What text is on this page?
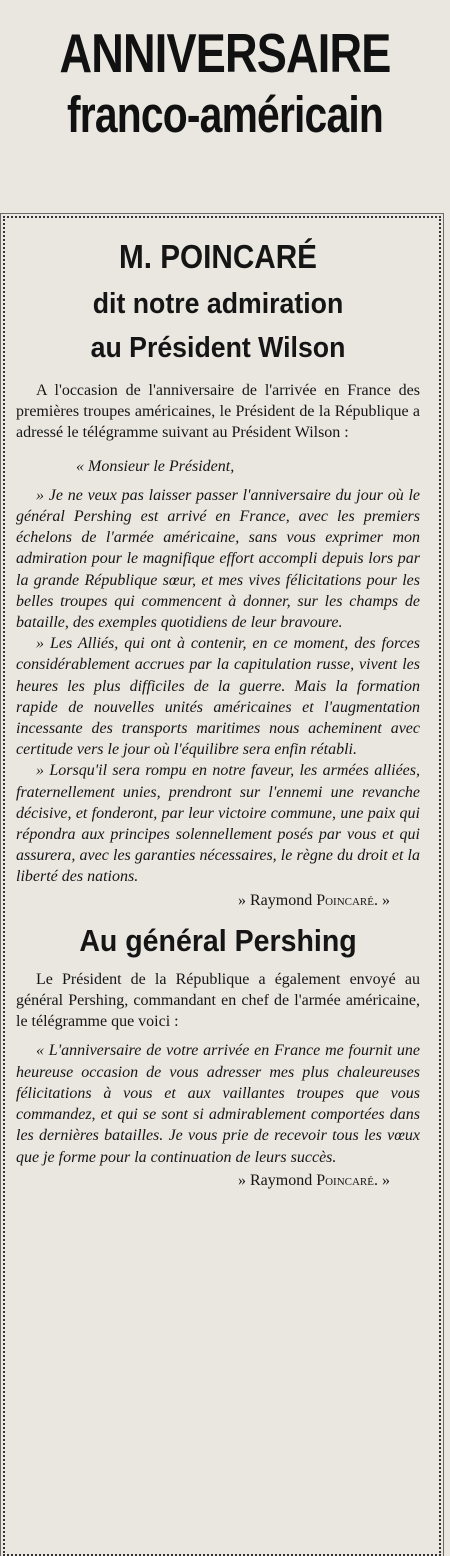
ANNIVERSAIRE
franco-américain
M. POINCARÉ
dit notre admiration
au Président Wilson

A l'occasion de l'anniversaire de l'arrivée en France des premières troupes américaines, le Président de la République a adressé le télégramme suivant au Président Wilson :

« Monsieur le Président,

» Je ne veux pas laisser passer l'anniversaire du jour où le général Pershing est arrivé en France, avec les premiers échelons de l'armée américaine, sans vous exprimer mon admiration pour le magnifique effort accompli depuis lors par la grande République sœur, et mes vives félicitations pour les belles troupes qui commencent à donner, sur les champs de bataille, des exemples quotidiens de leur bravoure.

» Les Alliés, qui ont à contenir, en ce moment, des forces considérablement accrues par la capitulation russe, vivent les heures les plus difficiles de la guerre. Mais la formation rapide de nouvelles unités américaines et l'augmentation incessante des transports maritimes nous acheminent avec certitude vers le jour où l'équilibre sera enfin rétabli.

» Lorsqu'il sera rompu en notre faveur, les armées alliées, fraternellement unies, prendront sur l'ennemi une revanche décisive, et fonderont, par leur victoire commune, une paix qui répondra aux principes solennellement posés par vous et qui assurera, avec les garanties nécessaires, le règne du droit et la liberté des nations.

» Raymond Poincaré. »

Au général Pershing

Le Président de la République a également envoyé au général Pershing, commandant en chef de l'armée américaine, le télégramme que voici :

« L'anniversaire de votre arrivée en France me fournit une heureuse occasion de vous adresser mes plus chaleureuses félicitations à vous et aux vaillantes troupes que vous commandez, et qui se sont si admirablement comportées dans les dernières batailles. Je vous prie de recevoir tous les vœux que je forme pour la continuation de leurs succès.

» Raymond Poincaré. »
